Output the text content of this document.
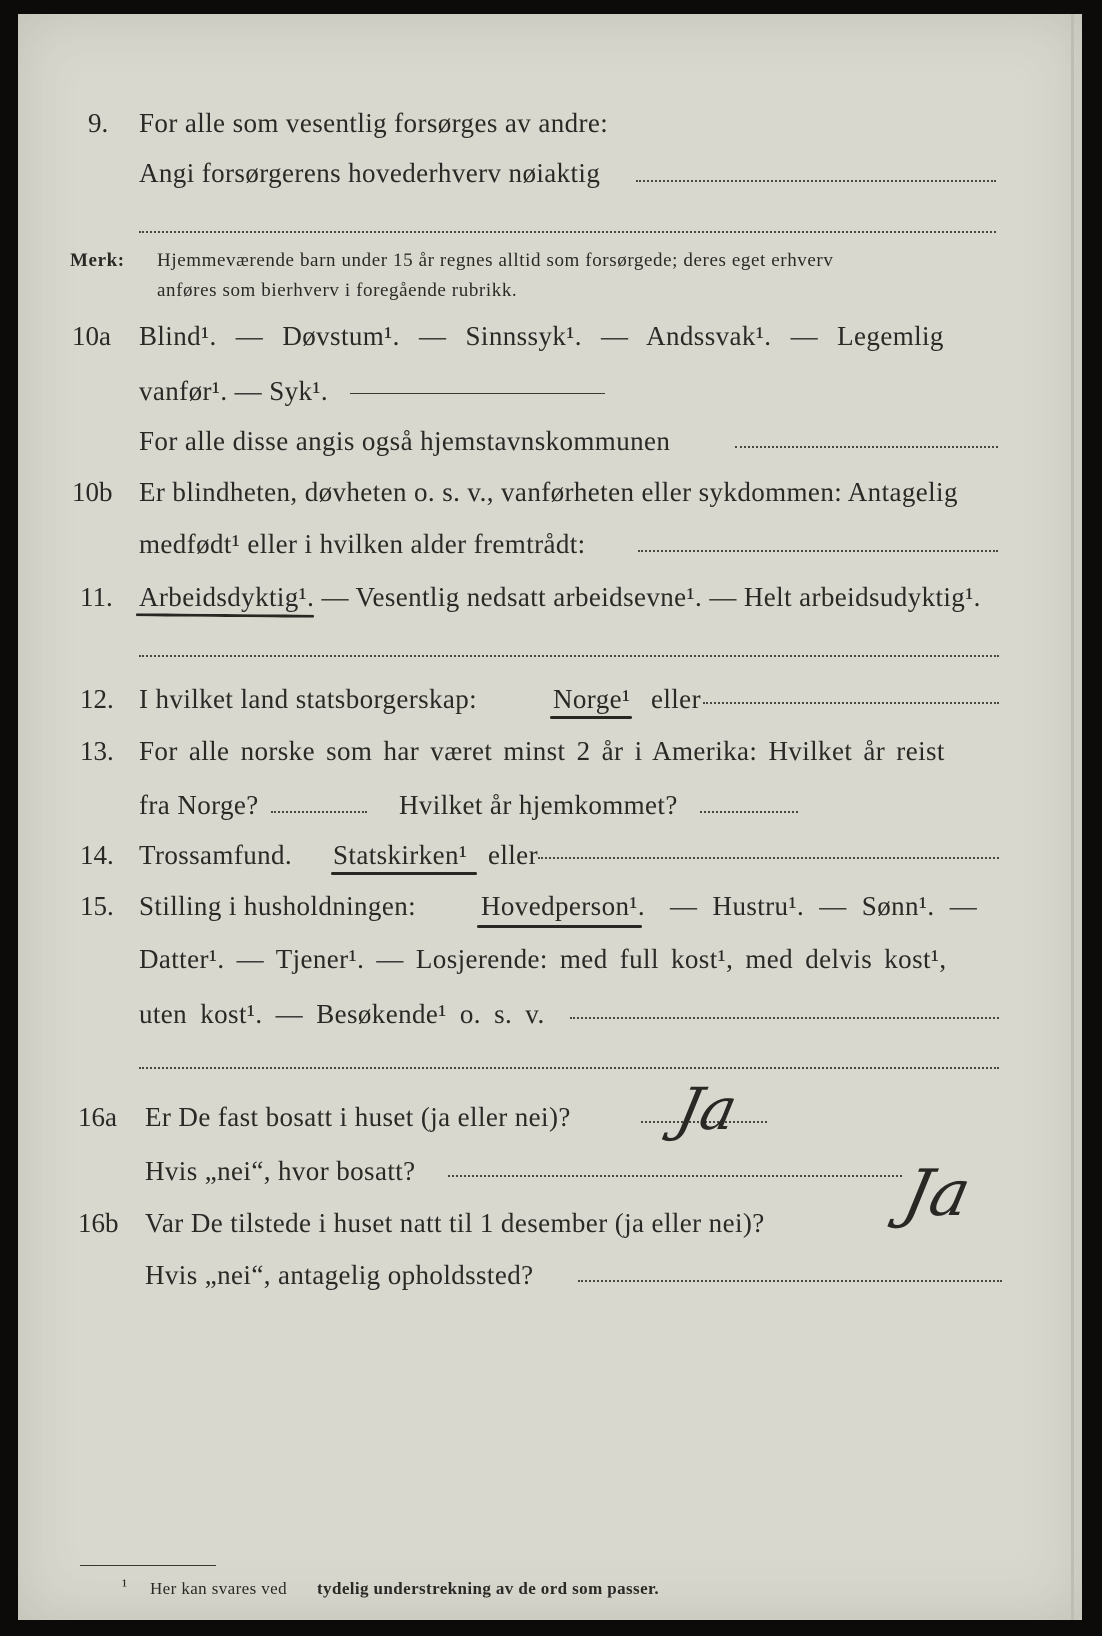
9. For alle som vesentlig forsørges av andre:
Angi forsørgerens hovederhverv nøiaktig
Merk: Hjemmeværende barn under 15 år regnes alltid som forsørgede; deres eget erhverv
anføres som bierhverv i foregående rubrikk.
10a Blind¹. — Døvstum¹. — Sinnssyk¹. — Andssvak¹. — Legemlig
vanfør¹. — Syk¹.
For alle disse angis også hjemstavnskommunen
10b Er blindheten, døvheten o. s. v., vanførheten eller sykdommen: Antagelig
medfødt¹ eller i hvilken alder fremtrådt:
11. Arbeidsdyktig¹. — Vesentlig nedsatt arbeidsevne¹. — Helt arbeidsudyktig¹.
12. I hvilket land statsborgerskap:	Norge¹ eller
13. For alle norske som har været minst 2 år i Amerika: Hvilket år reist
fra Norge?	Hvilket år hjemkommet?
14. Trossamfund. Statskirken¹ eller
15. Stilling i husholdningen: Hovedperson¹. — Hustru¹. — Sønn¹. —
Datter¹. — Tjener¹. — Losjerende: med full kost¹, med delvis kost¹,
uten kost¹. — Besøkende¹ o. s. v.
16a Er De fast bosatt i huset (ja eller nei)? Ja
Hvis „nei“, hvor bosatt?
16b Var De tilstede i huset natt til 1 desember (ja eller nei)? Ja
Hvis „nei“, antagelig opholdssted?
¹ Her kan svares ved tydelig understrekning av de ord som passer.
